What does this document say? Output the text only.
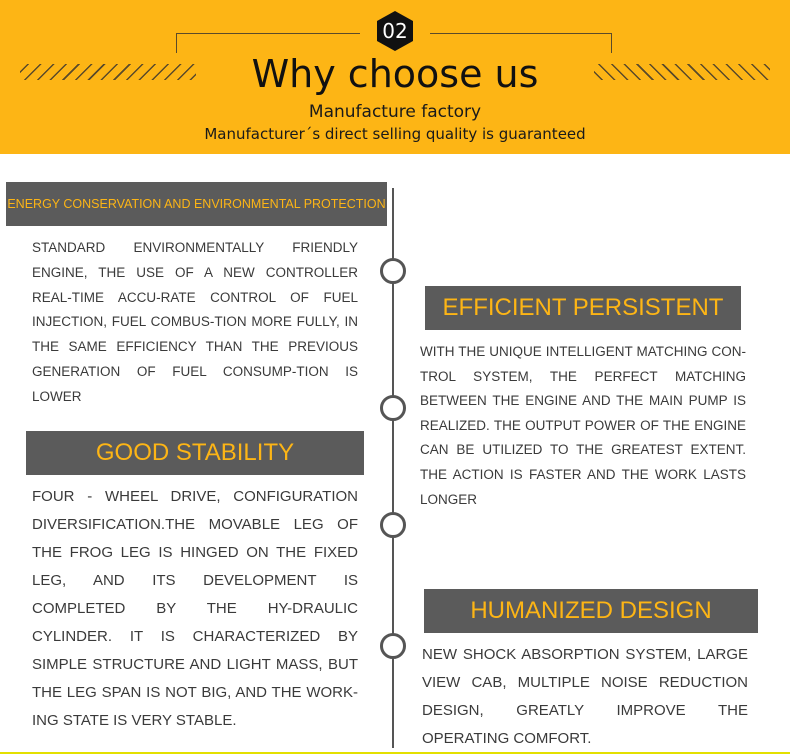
02
Why choose us
Manufacture factory
Manufacturer´s direct selling quality is guaranteed
ENERGY CONSERVATION AND ENVIRONMENTAL PROTECTION
STANDARD ENVIRONMENTALLY FRIENDLY ENGINE, THE USE OF A NEW CONTROLLER REAL-TIME ACCU-RATE CONTROL OF FUEL INJECTION, FUEL COMBUS-TION MORE FULLY, IN THE SAME EFFICIENCY THAN THE PREVIOUS GENERATION OF FUEL CONSUMP-TION IS LOWER
EFFICIENT PERSISTENT
WITH THE UNIQUE INTELLIGENT MATCHING CON-TROL SYSTEM, THE PERFECT MATCHING BETWEEN THE ENGINE AND THE MAIN PUMP IS REALIZED. THE OUTPUT POWER OF THE ENGINE CAN BE UTILIZED TO THE GREATEST EXTENT. THE ACTION IS FASTER AND THE WORK LASTS LONGER
GOOD STABILITY
FOUR - WHEEL DRIVE, CONFIGURATION DIVERSIFICATION.THE MOVABLE LEG OF THE FROG LEG IS HINGED ON THE FIXED LEG, AND ITS DEVELOPMENT IS COMPLETED BY THE HY-DRAULIC CYLINDER. IT IS CHARACTERIZED BY SIMPLE STRUCTURE AND LIGHT MASS, BUT THE LEG SPAN IS NOT BIG, AND THE WORK-ING STATE IS VERY STABLE.
HUMANIZED DESIGN
NEW SHOCK ABSORPTION SYSTEM, LARGE VIEW CAB, MULTIPLE NOISE REDUCTION DESIGN, GREATLY IMPROVE THE OPERATING COMFORT.
